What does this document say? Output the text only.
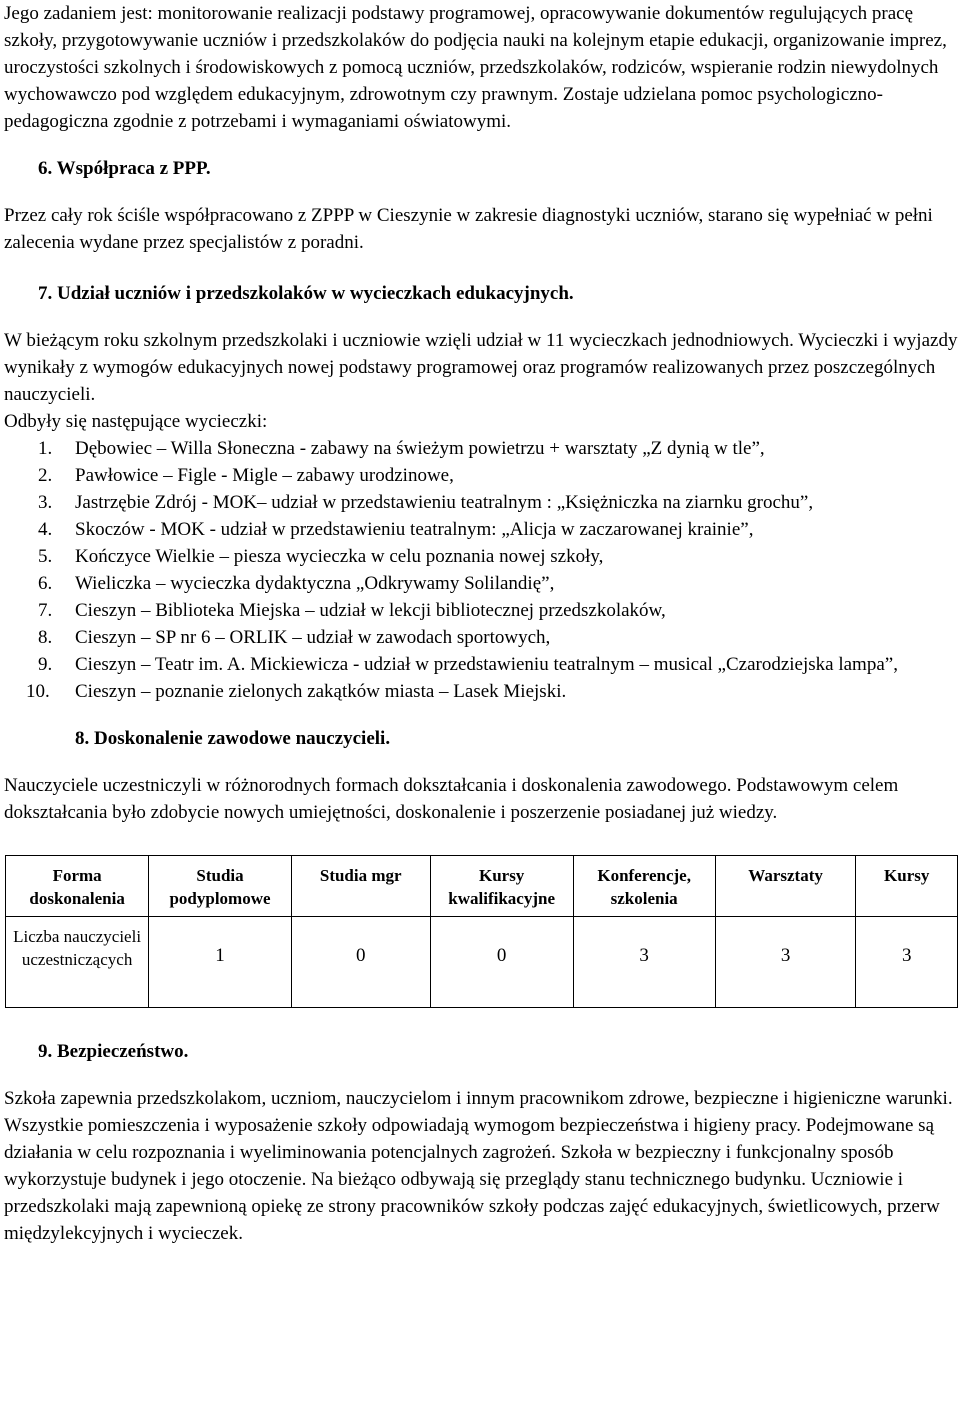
Jego zadaniem jest: monitorowanie realizacji podstawy programowej, opracowywanie dokumentów regulujących pracę szkoły, przygotowywanie uczniów i przedszkolaków do podjęcia nauki na kolejnym etapie edukacji, organizowanie imprez, uroczystości szkolnych i środowiskowych z pomocą uczniów, przedszkolaków, rodziców, wspieranie rodzin niewydolnych wychowawczo pod względem edukacyjnym, zdrowotnym czy prawnym. Zostaje udzielana pomoc psychologiczno-pedagogiczna zgodnie z potrzebami i wymaganiami oświatowymi.

6. Współpraca z PPP.

Przez cały rok ściśle współpracowano z ZPPP w Cieszynie w zakresie diagnostyki uczniów, starano się wypełniać w pełni zalecenia wydane przez specjalistów z poradni.

7. Udział uczniów i przedszkolaków w wycieczkach edukacyjnych.

W bieżącym roku szkolnym przedszkolaki i uczniowie wzięli udział w 11 wycieczkach jednodniowych. Wycieczki i wyjazdy wynikały z wymogów edukacyjnych nowej podstawy programowej oraz programów realizowanych przez poszczególnych nauczycieli.

Odbyły się następujące wycieczki:

1. Dębowiec – Willa Słoneczna - zabawy na świeżym powietrzu + warsztaty „Z dynią w tle”,
2. Pawłowice – Figle - Migle – zabawy urodzinowe,
3. Jastrzębie Zdrój - MOK– udział w przedstawieniu teatralnym : „Księżniczka na ziarnku grochu”,
4. Skoczów - MOK - udział w przedstawieniu teatralnym: „Alicja w zaczarowanej krainie”,
5. Kończyce Wielkie – piesza wycieczka w celu poznania nowej szkoły,
6. Wieliczka – wycieczka dydaktyczna „Odkrywamy Solilandię”,
7. Cieszyn – Biblioteka Miejska – udział w lekcji bibliotecznej przedszkolaków,
8. Cieszyn – SP nr 6 – ORLIK – udział w zawodach sportowych,
9. Cieszyn – Teatr im. A. Mickiewicza - udział w przedstawieniu teatralnym – musical „Czarodziejska lampa”,
10. Cieszyn – poznanie zielonych zakątków miasta – Lasek Miejski.

8. Doskonalenie zawodowe nauczycieli.

Nauczyciele uczestniczyli w różnorodnych formach dokształcania i doskonalenia zawodowego. Podstawowym celem dokształcania było zdobycie nowych umiejętności, doskonalenie i poszerzenie posiadanej już wiedzy.

Forma doskonalenia	Studia podyplomowe	Studia mgr	Kursy kwalifikacyjne	Konferencje, szkolenia	Warsztaty	Kursy
Liczba nauczycieli uczestniczących	1	0	0	3	3	3

9. Bezpieczeństwo.

Szkoła zapewnia przedszkolakom, uczniom, nauczycielom i innym pracownikom zdrowe, bezpieczne i higieniczne warunki. Wszystkie pomieszczenia i wyposażenie szkoły odpowiadają wymogom bezpieczeństwa i higieny pracy. Podejmowane są działania w celu rozpoznania i wyeliminowania potencjalnych zagrożeń. Szkoła w bezpieczny i funkcjonalny sposób wykorzystuje budynek i jego otoczenie. Na bieżąco odbywają się przeglądy stanu technicznego budynku. Uczniowie i przedszkolaki mają zapewnioną opiekę ze strony pracowników szkoły podczas zajęć edukacyjnych, świetlicowych, przerw międzylekcyjnych i wycieczek.
